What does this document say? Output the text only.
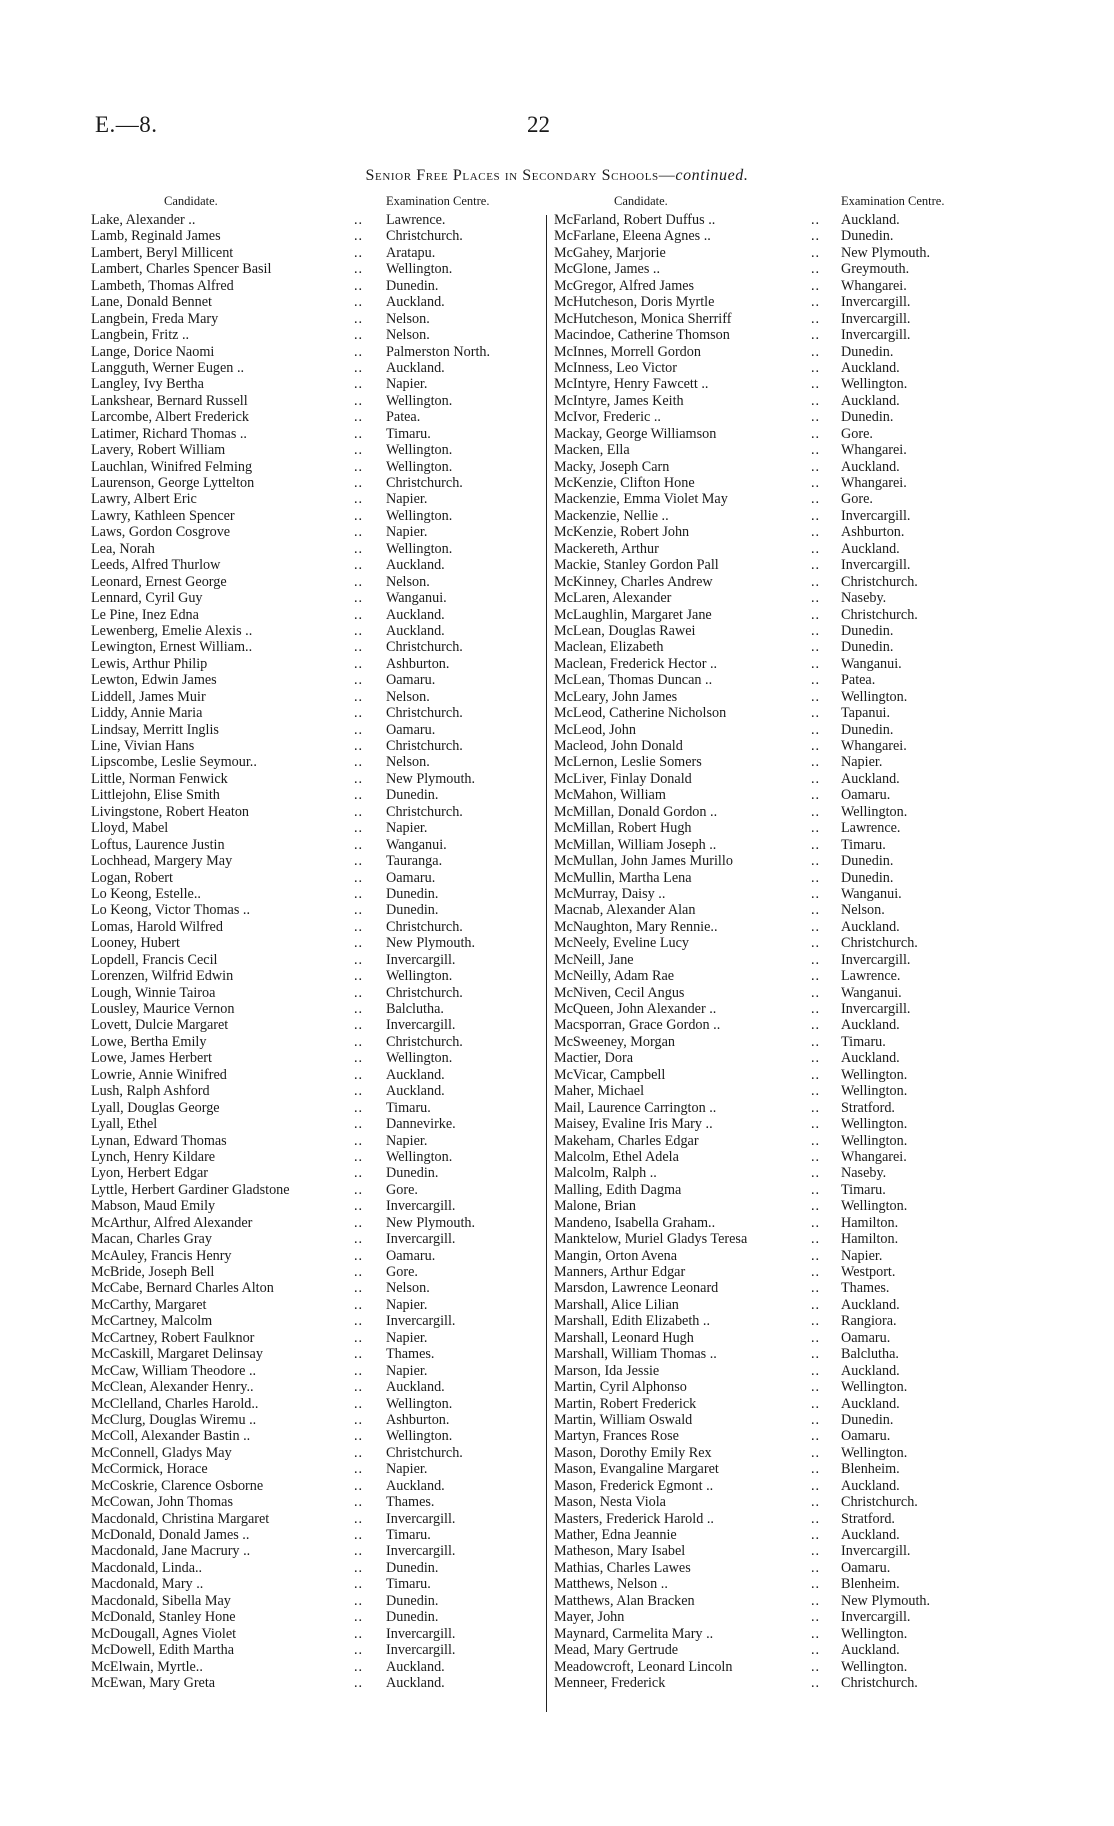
E.—8.	22
Senior Free Places in Secondary Schools—continued.
Candidate.	Examination Centre.
Lake, Alexander ..	.. Lawrence.
Lamb, Reginald James	.. Christchurch.
Lambert, Beryl Millicent	.. Aratapu.
Lambert, Charles Spencer Basil	.. Wellington.
Lambeth, Thomas Alfred	.. Dunedin.
Lane, Donald Bennet	.. Auckland.
Langbein, Freda Mary	.. Nelson.
Langbein, Fritz ..	.. Nelson.
Lange, Dorice Naomi	.. Palmerston North.
Langguth, Werner Eugen ..	.. Auckland.
Langley, Ivy Bertha	.. Napier.
Lankshear, Bernard Russell	.. Wellington.
Larcombe, Albert Frederick	.. Patea.
Latimer, Richard Thomas ..	.. Timaru.
Lavery, Robert William	.. Wellington.
Lauchlan, Winifred Felming	.. Wellington.
Laurenson, George Lyttelton	.. Christchurch.
Lawry, Albert Eric	.. Napier.
Lawry, Kathleen Spencer	.. Wellington.
Laws, Gordon Cosgrove	.. Napier.
Lea, Norah	.. Wellington.
Leeds, Alfred Thurlow	.. Auckland.
Leonard, Ernest George	.. Nelson.
Lennard, Cyril Guy	.. Wanganui.
Le Pine, Inez Edna	.. Auckland.
Lewenberg, Emelie Alexis ..	.. Auckland.
Lewington, Ernest William..	.. Christchurch.
Lewis, Arthur Philip	.. Ashburton.
Lewton, Edwin James	.. Oamaru.
Liddell, James Muir	.. Nelson.
Liddy, Annie Maria	.. Christchurch.
Lindsay, Merritt Inglis	.. Oamaru.
Line, Vivian Hans	.. Christchurch.
Lipscombe, Leslie Seymour..	.. Nelson.
Little, Norman Fenwick	.. New Plymouth.
Littlejohn, Elise Smith	.. Dunedin.
Livingstone, Robert Heaton	.. Christchurch.
Lloyd, Mabel	.. Napier.
Loftus, Laurence Justin	.. Wanganui.
Lochhead, Margery May	.. Tauranga.
Logan, Robert	.. Oamaru.
Lo Keong, Estelle..	.. Dunedin.
Lo Keong, Victor Thomas ..	.. Dunedin.
Lomas, Harold Wilfred	.. Christchurch.
Looney, Hubert	.. New Plymouth.
Lopdell, Francis Cecil	.. Invercargill.
Lorenzen, Wilfrid Edwin	.. Wellington.
Lough, Winnie Tairoa	.. Christchurch.
Lousley, Maurice Vernon	.. Balclutha.
Lovett, Dulcie Margaret	.. Invercargill.
Lowe, Bertha Emily	.. Christchurch.
Lowe, James Herbert	.. Wellington.
Lowrie, Annie Winifred	.. Auckland.
Lush, Ralph Ashford	.. Auckland.
Lyall, Douglas George	.. Timaru.
Lyall, Ethel	.. Dannevirke.
Lynan, Edward Thomas	.. Napier.
Lynch, Henry Kildare	.. Wellington.
Lyon, Herbert Edgar	.. Dunedin.
Lyttle, Herbert Gardiner Gladstone	.. Gore.
Mabson, Maud Emily	.. Invercargill.
McArthur, Alfred Alexander	.. New Plymouth.
Macan, Charles Gray	.. Invercargill.
McAuley, Francis Henry	.. Oamaru.
McBride, Joseph Bell	.. Gore.
McCabe, Bernard Charles Alton	.. Nelson.
McCarthy, Margaret	.. Napier.
McCartney, Malcolm	.. Invercargill.
McCartney, Robert Faulknor	.. Napier.
McCaskill, Margaret Delinsay	.. Thames.
McCaw, William Theodore ..	.. Napier.
McClean, Alexander Henry..	.. Auckland.
McClelland, Charles Harold..	.. Wellington.
McClurg, Douglas Wiremu ..	.. Ashburton.
McColl, Alexander Bastin ..	.. Wellington.
McConnell, Gladys May	.. Christchurch.
McCormick, Horace	.. Napier.
McCoskrie, Clarence Osborne	.. Auckland.
McCowan, John Thomas	.. Thames.
Macdonald, Christina Margaret	.. Invercargill.
McDonald, Donald James ..	.. Timaru.
Macdonald, Jane Macrury ..	.. Invercargill.
Macdonald, Linda..	.. Dunedin.
Macdonald, Mary ..	.. Timaru.
Macdonald, Sibella May	.. Dunedin.
McDonald, Stanley Hone	.. Dunedin.
McDougall, Agnes Violet	.. Invercargill.
McDowell, Edith Martha	.. Invercargill.
McElwain, Myrtle..	.. Auckland.
McEwan, Mary Greta	.. Auckland.
Candidate.	Examination Centre.
McFarland, Robert Duffus ..	.. Auckland.
McFarlane, Eleena Agnes ..	.. Dunedin.
McGahey, Marjorie	.. New Plymouth.
McGlone, James ..	.. Greymouth.
McGregor, Alfred James	.. Whangarei.
McHutcheson, Doris Myrtle	.. Invercargill.
McHutcheson, Monica Sherriff	.. Invercargill.
Macindoe, Catherine Thomson	.. Invercargill.
McInnes, Morrell Gordon	.. Dunedin.
McInness, Leo Victor	.. Auckland.
McIntyre, Henry Fawcett ..	.. Wellington.
McIntyre, James Keith	.. Auckland.
McIvor, Frederic ..	.. Dunedin.
Mackay, George Williamson	.. Gore.
Macken, Ella	.. Whangarei.
Macky, Joseph Carn	.. Auckland.
McKenzie, Clifton Hone	.. Whangarei.
Mackenzie, Emma Violet May	.. Gore.
Mackenzie, Nellie ..	.. Invercargill.
McKenzie, Robert John	.. Ashburton.
Mackereth, Arthur	.. Auckland.
Mackie, Stanley Gordon Pall	.. Invercargill.
McKinney, Charles Andrew	.. Christchurch.
McLaren, Alexander	.. Naseby.
McLaughlin, Margaret Jane	.. Christchurch.
McLean, Douglas Rawei	.. Dunedin.
Maclean, Elizabeth	.. Dunedin.
Maclean, Frederick Hector ..	.. Wanganui.
McLean, Thomas Duncan ..	.. Patea.
McLeary, John James	.. Wellington.
McLeod, Catherine Nicholson	.. Tapanui.
McLeod, John	.. Dunedin.
Macleod, John Donald	.. Whangarei.
McLernon, Leslie Somers	.. Napier.
McLiver, Finlay Donald	.. Auckland.
McMahon, William	.. Oamaru.
McMillan, Donald Gordon ..	.. Wellington.
McMillan, Robert Hugh	.. Lawrence.
McMillan, William Joseph ..	.. Timaru.
McMullan, John James Murillo	.. Dunedin.
McMullin, Martha Lena	.. Dunedin.
McMurray, Daisy ..	.. Wanganui.
Macnab, Alexander Alan	.. Nelson.
McNaughton, Mary Rennie..	.. Auckland.
McNeely, Eveline Lucy	.. Christchurch.
McNeill, Jane	.. Invercargill.
McNeilly, Adam Rae	.. Lawrence.
McNiven, Cecil Angus	.. Wanganui.
McQueen, John Alexander ..	.. Invercargill.
Macsporran, Grace Gordon ..	.. Auckland.
McSweeney, Morgan	.. Timaru.
Mactier, Dora	.. Auckland.
McVicar, Campbell	.. Wellington.
Maher, Michael	.. Wellington.
Mail, Laurence Carrington ..	.. Stratford.
Maisey, Evaline Iris Mary ..	.. Wellington.
Makeham, Charles Edgar	.. Wellington.
Malcolm, Ethel Adela	.. Whangarei.
Malcolm, Ralph ..	.. Naseby.
Malling, Edith Dagma	.. Timaru.
Malone, Brian	.. Wellington.
Mandeno, Isabella Graham..	.. Hamilton.
Manktelow, Muriel Gladys Teresa	.. Hamilton.
Mangin, Orton Avena	.. Napier.
Manners, Arthur Edgar	.. Westport.
Marsdon, Lawrence Leonard	.. Thames.
Marshall, Alice Lilian	.. Auckland.
Marshall, Edith Elizabeth ..	.. Rangiora.
Marshall, Leonard Hugh	.. Oamaru.
Marshall, William Thomas ..	.. Balclutha.
Marson, Ida Jessie	.. Auckland.
Martin, Cyril Alphonso	.. Wellington.
Martin, Robert Frederick	.. Auckland.
Martin, William Oswald	.. Dunedin.
Martyn, Frances Rose	.. Oamaru.
Mason, Dorothy Emily Rex	.. Wellington.
Mason, Evangaline Margaret	.. Blenheim.
Mason, Frederick Egmont ..	.. Auckland.
Mason, Nesta Viola	.. Christchurch.
Masters, Frederick Harold ..	.. Stratford.
Mather, Edna Jeannie	.. Auckland.
Matheson, Mary Isabel	.. Invercargill.
Mathias, Charles Lawes	.. Oamaru.
Matthews, Nelson ..	.. Blenheim.
Matthews, Alan Bracken	.. New Plymouth.
Mayer, John	.. Invercargill.
Maynard, Carmelita Mary ..	.. Wellington.
Mead, Mary Gertrude	.. Auckland.
Meadowcroft, Leonard Lincoln	.. Wellington.
Menneer, Frederick	.. Christchurch.
